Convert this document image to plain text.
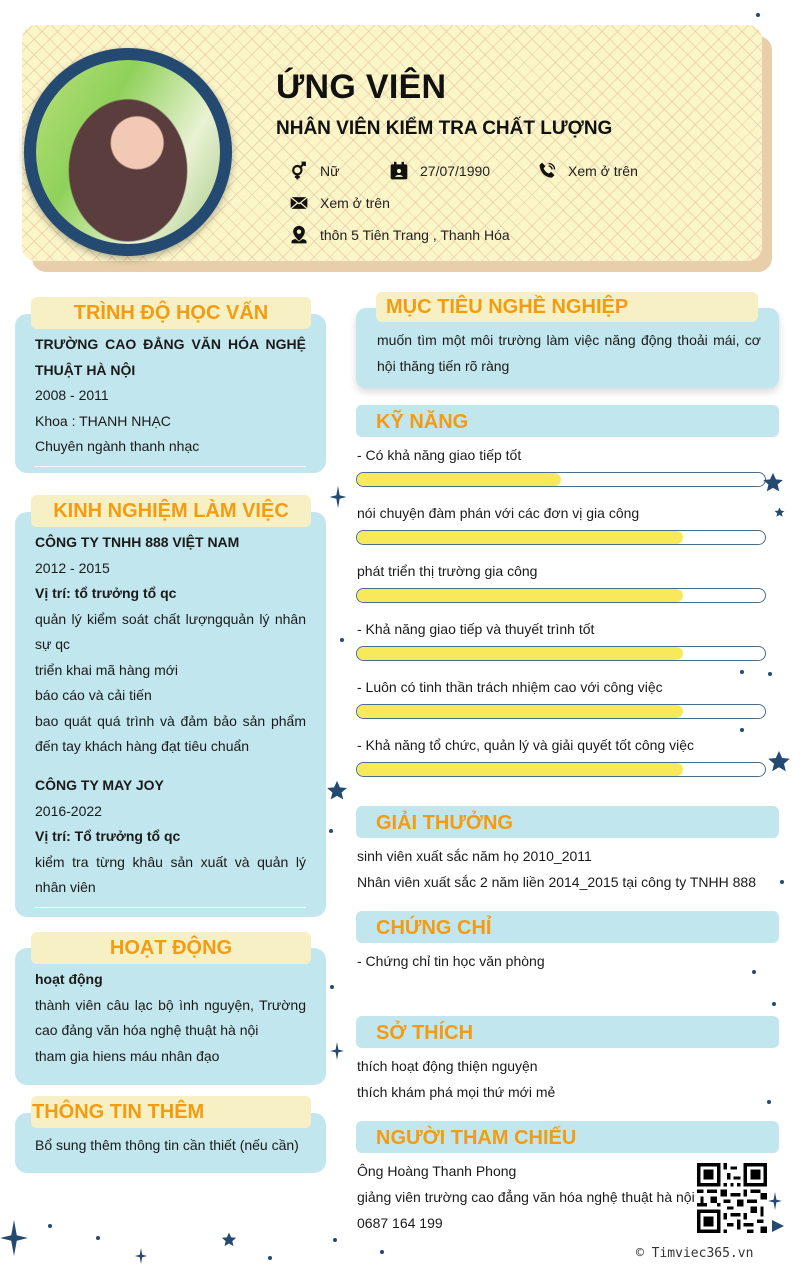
ỨNG VIÊN
NHÂN VIÊN KIỂM TRA CHẤT LƯỢNG
Nữ	27/07/1990	Xem ở trên
Xem ở trên
thôn 5 Tiên Trang , Thanh Hóa
TRÌNH ĐỘ HỌC VẤN
TRƯỜNG CAO ĐẲNG VĂN HÓA NGHỆ THUẬT HÀ NỘI
2008 - 2011
Khoa : THANH NHẠC
Chuyên ngành thanh nhạc
KINH NGHIỆM LÀM VIỆC
CÔNG TY TNHH 888 VIỆT NAM
2012 - 2015
Vị trí: tổ trưởng tổ qc
quản lý kiểm soát chất lượngquản lý nhân sự qc
triển khai mã hàng mới
báo cáo và cải tiến
bao quát quá trình và đảm bảo sản phẩm đến tay khách hàng đạt tiêu chuẩn
CÔNG TY MAY JOY
2016-2022
Vị trí: Tổ trưởng tổ qc
kiểm tra từng khâu sản xuất và quản lý nhân viên
HOẠT ĐỘNG
hoạt động
thành viên câu lạc bộ ình nguyện, Trường cao đảng văn hóa nghệ thuật hà nội
tham gia hiens máu nhân đạo
THÔNG TIN THÊM
Bổ sung thêm thông tin cần thiết (nếu cần)
MỤC TIÊU NGHỀ NGHIỆP
muốn tìm một môi trường làm việc năng động thoải mái, cơ hội thăng tiến rõ ràng
KỸ NĂNG
- Có khả năng giao tiếp tốt
nói chuyện đàm phán với các đơn vị gia công
phát triển thị trường gia công
- Khả năng giao tiếp và thuyết trình tốt
- Luôn có tinh thần trách nhiệm cao với công việc
- Khả năng tổ chức, quản lý và giải quyết tốt công việc
GIẢI THƯỞNG
sinh viên xuất sắc năm họ 2010_2011
Nhân viên xuất sắc 2 năm liền 2014_2015 tại công ty TNHH 888
CHỨNG CHỈ
- Chứng chỉ tin học văn phòng
SỞ THÍCH
thích hoạt động thiện nguyện
thích khám phá mọi thứ mới mẻ
NGƯỜI THAM CHIẾU
Ông Hoàng Thanh Phong
giảng viên trường cao đẳng văn hóa nghệ thuật hà nội
0687 164 199
© Timviec365.vn
